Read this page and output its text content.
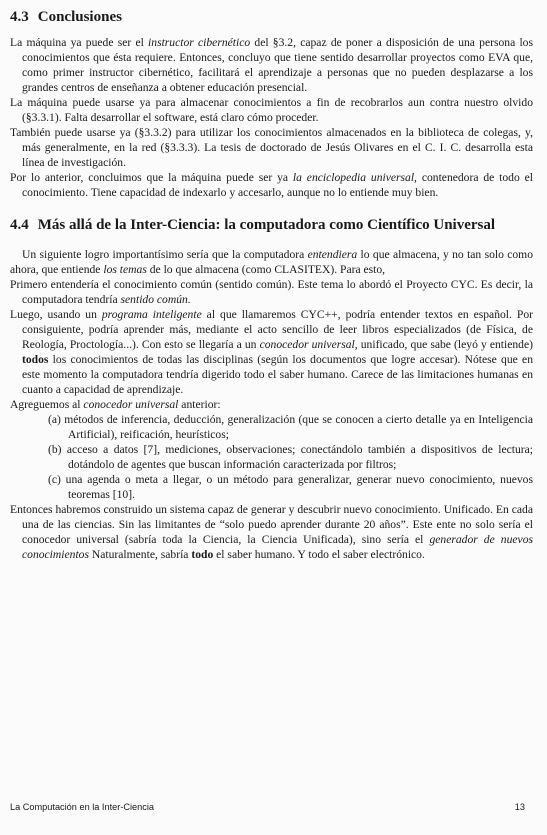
4.3 Conclusiones

La máquina ya puede ser el instructor cibernético del §3.2, capaz de poner a disposición de una persona los conocimientos que ésta requiere. Entonces, concluyo que tiene sentido desarrollar proyectos como EVA que, como primer instructor cibernético, facilitará el aprendizaje a personas que no pueden desplazarse a los grandes centros de enseñanza a obtener educación presencial.

La máquina puede usarse ya para almacenar conocimientos a fin de recobrarlos aun contra nuestro olvido (§3.3.1). Falta desarrollar el software, está claro cómo proceder.

También puede usarse ya (§3.3.2) para utilizar los conocimientos almacenados en la biblioteca de colegas, y, más generalmente, en la red (§3.3.3). La tesis de doctorado de Jesús Olivares en el C. I. C. desarrolla esta línea de investigación.

Por lo anterior, concluimos que la máquina puede ser ya la enciclopedia universal, contenedora de todo el conocimiento. Tiene capacidad de indexarlo y accesarlo, aunque no lo entiende muy bien.

4.4 Más allá de la Inter-Ciencia: la computadora como Científico Universal

Un siguiente logro importantísimo sería que la computadora entendiera lo que almacena, y no tan solo como ahora, que entiende los temas de lo que almacena (como CLASITEX). Para esto,

Primero entendería el conocimiento común (sentido común). Este tema lo abordó el Proyecto CYC. Es decir, la computadora tendría sentido común.

Luego, usando un programa inteligente al que llamaremos CYC++, podría entender textos en español. Por consiguiente, podría aprender más, mediante el acto sencillo de leer libros especializados (de Física, de Reología, Proctología...). Con esto se llegaría a un conocedor universal, unificado, que sabe (leyó y entiende) todos los conocimientos de todas las disciplinas (según los documentos que logre accesar). Nótese que en este momento la computadora tendría digerido todo el saber humano. Carece de las limitaciones humanas en cuanto a capacidad de aprendizaje.

Agreguemos al conocedor universal anterior:

(a) métodos de inferencia, deducción, generalización (que se conocen a cierto detalle ya en Inteligencia Artificial), reificación, heurísticos;
(b) acceso a datos [7], mediciones, observaciones; conectándolo también a dispositivos de lectura; dotándolo de agentes que buscan información caracterizada por filtros;
(c) una agenda o meta a llegar, o un método para generalizar, generar nuevo conocimiento, nuevos teoremas [10].

Entonces habremos construido un sistema capaz de generar y descubrir nuevo conocimiento. Unificado. En cada una de las ciencias. Sin las limitantes de “solo puedo aprender durante 20 años”. Este ente no solo sería el conocedor universal (sabría toda la Ciencia, la Ciencia Unificada), sino sería el generador de nuevos conocimientos Naturalmente, sabría todo el saber humano. Y todo el saber electrónico.

La Computación en la Inter-Ciencia	13
